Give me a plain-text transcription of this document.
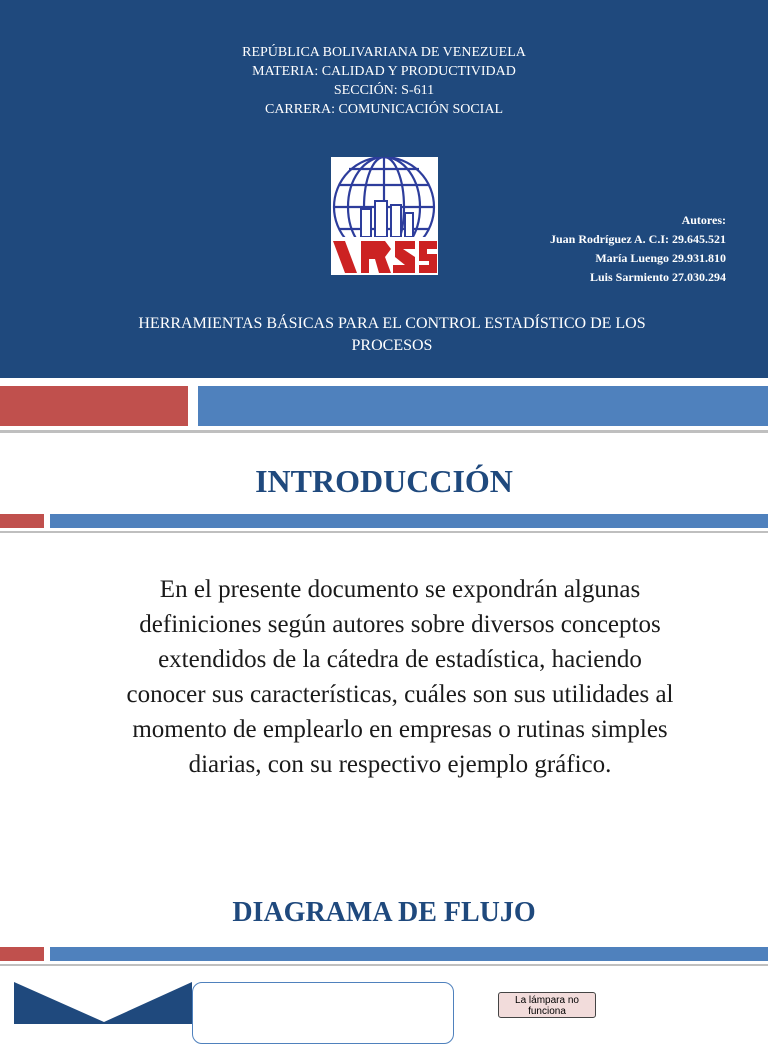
REPÚBLICA BOLIVARIANA DE VENEZUELA
MATERIA: CALIDAD Y PRODUCTIVIDAD
SECCIÓN: S-611
CARRERA: COMUNICACIÓN SOCIAL
Autores:
Juan Rodríguez A. C.I: 29.645.521
María Luengo 29.931.810
Luis Sarmiento 27.030.294
HERRAMIENTAS BÁSICAS PARA EL CONTROL ESTADÍSTICO DE LOS
PROCESOS
INTRODUCCIÓN
En el presente documento se expondrán algunas
definiciones según autores sobre diversos conceptos
extendidos de la cátedra de estadística, haciendo
conocer sus características, cuáles son sus utilidades al
momento de emplearlo en empresas o rutinas simples
diarias, con su respectivo ejemplo gráfico.
DIAGRAMA DE FLUJO
La lámpara no
funciona
